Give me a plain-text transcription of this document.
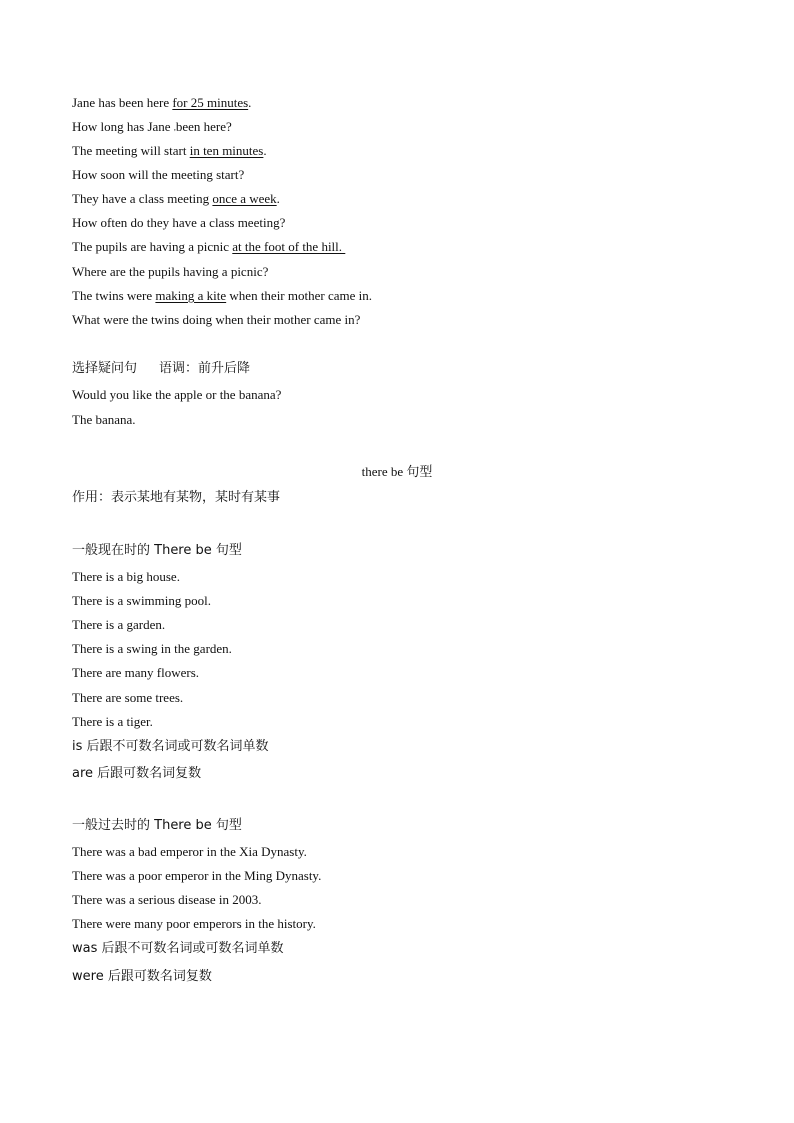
Jane has been here for 25 minutes.
How long has Jane ,been here?
The meeting will start in ten minutes.
How soon will the meeting start?
They have a class meeting once a week.
How often do they have a class meeting?
The pupils are having a picnic at the foot of the hill.
Where are the pupils having a picnic?
The twins were making a kite when their mother came in.
What were the twins doing when their mother came in?
选择疑问句 语调：前升后降
Would you like the apple or the banana?
The banana.
there be 句型
作用：表示某地有某物，某时有某事
一般现在时的 There be 句型
There is a big house.
There is a swimming pool.
There is a garden.
There is a swing in the garden.
There are many flowers.
There are some trees.
There is a tiger.
is 后跟不可数名词或可数名词单数
are 后跟可数名词复数
一般过去时的 There be 句型
There was a bad emperor in the Xia Dynasty.
There was a poor emperor in the Ming Dynasty.
There was a serious disease in 2003.
There were many poor emperors in the history.
was 后跟不可数名词或可数名词单数
were 后跟可数名词复数
